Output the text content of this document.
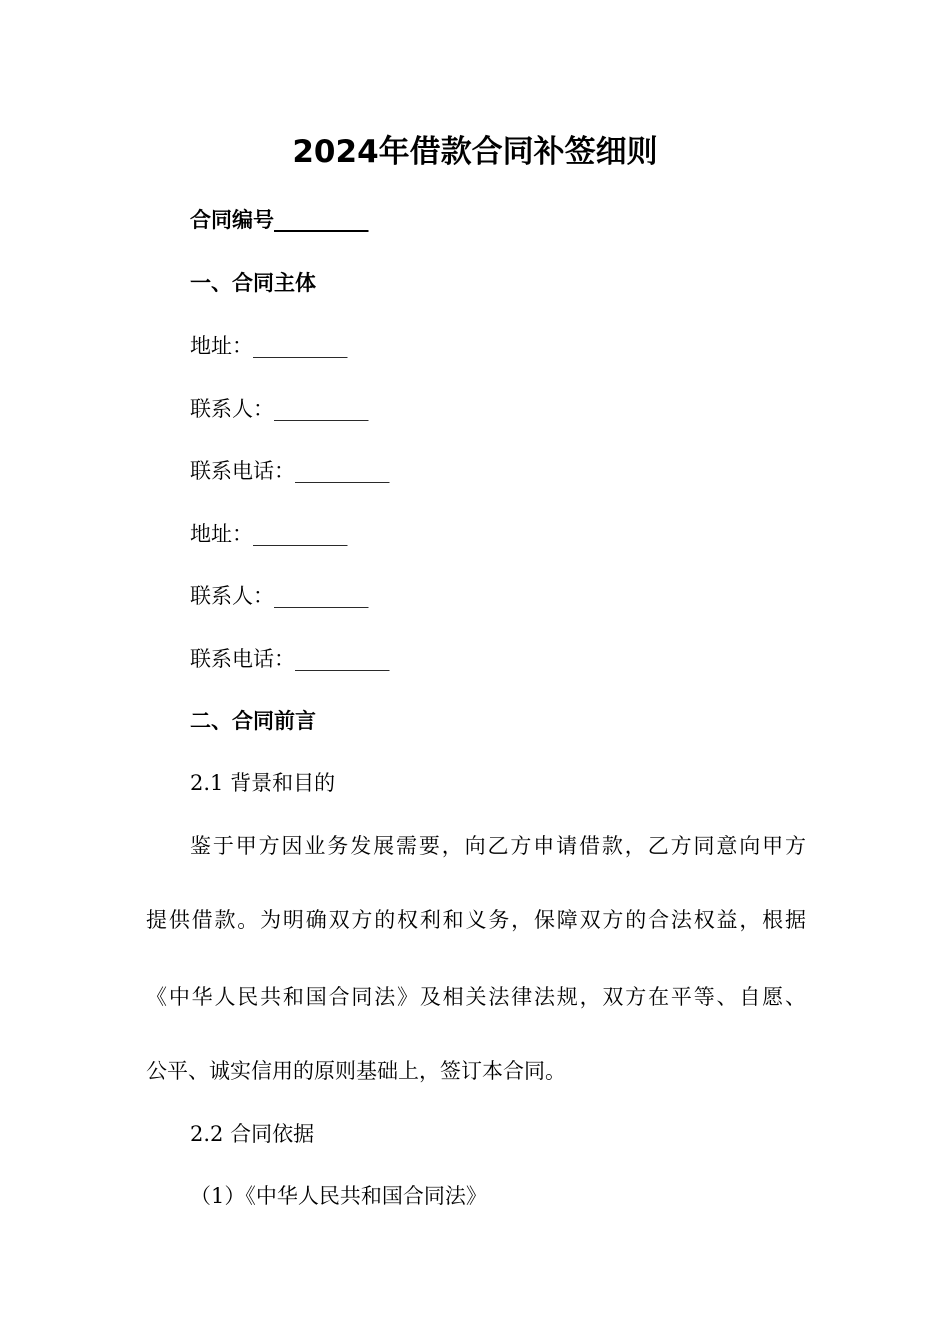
2024年借款合同补签细则
合同编号_________
一、合同主体
地址：_________
联系人：_________
联系电话：_________
地址：_________
联系人：_________
联系电话：_________
二、合同前言
2.1 背景和目的
鉴于甲方因业务发展需要，向乙方申请借款，乙方同意向甲方
提供借款。为明确双方的权利和义务，保障双方的合法权益，根据
《中华人民共和国合同法》及相关法律法规，双方在平等、自愿、
公平、诚实信用的原则基础上，签订本合同。
2.2 合同依据
（1）《中华人民共和国合同法》
